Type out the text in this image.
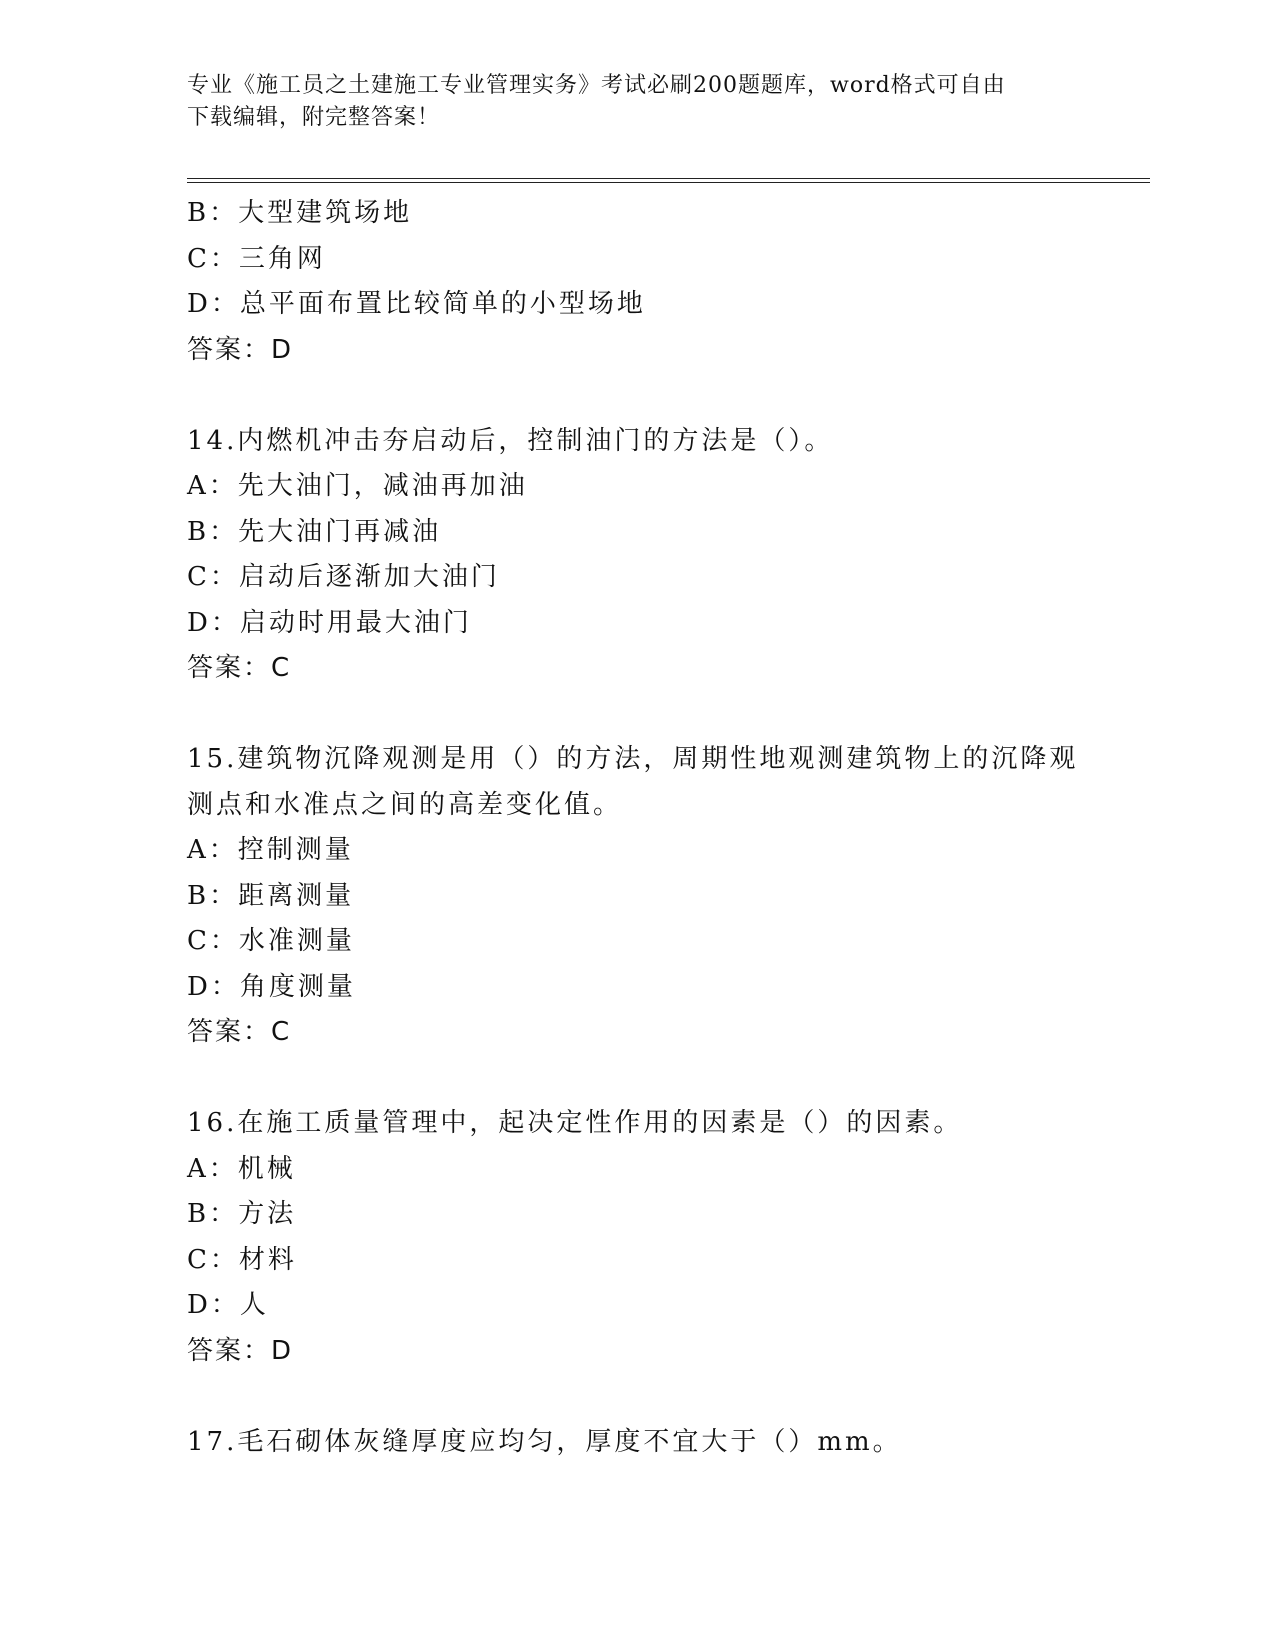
专业《施工员之土建施工专业管理实务》考试必刷200题题库，word格式可自由
下载编辑，附完整答案！
B：大型建筑场地
C：三角网
D：总平面布置比较简单的小型场地
答案：D
14.内燃机冲击夯启动后，控制油门的方法是（）。
A：先大油门，减油再加油
B：先大油门再减油
C：启动后逐渐加大油门
D：启动时用最大油门
答案：C
15.建筑物沉降观测是用（）的方法，周期性地观测建筑物上的沉降观
测点和水准点之间的高差变化值。
A：控制测量
B：距离测量
C：水准测量
D：角度测量
答案：C
16.在施工质量管理中，起决定性作用的因素是（）的因素。
A：机械
B：方法
C：材料
D：人
答案：D
17.毛石砌体灰缝厚度应均匀，厚度不宜大于（）mm。
